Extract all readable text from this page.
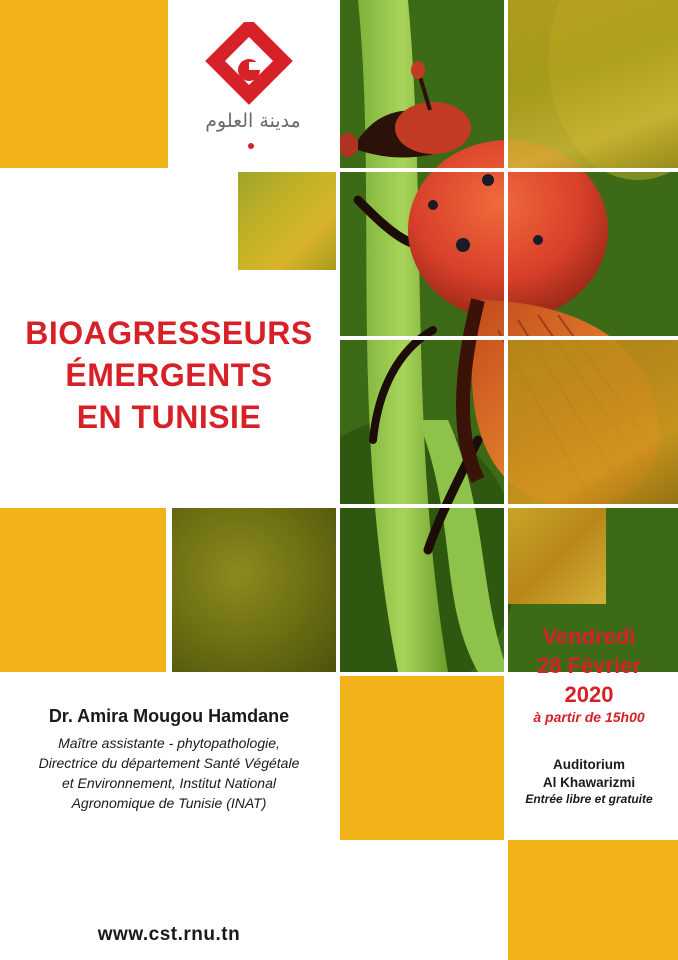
مدينة العلوم
BIOAGRESSEURS
ÉMERGENTS
EN TUNISIE
Dr. Amira Mougou Hamdane
Maître assistante - phytopathologie,
Directrice du département Santé Végétale
et Environnement, Institut National
Agronomique de Tunisie (INAT)
Vendredi
28 Février
2020
à partir de 15h00
Auditorium
Al Khawarizmi
Entrée libre et gratuite
www.cst.rnu.tn
